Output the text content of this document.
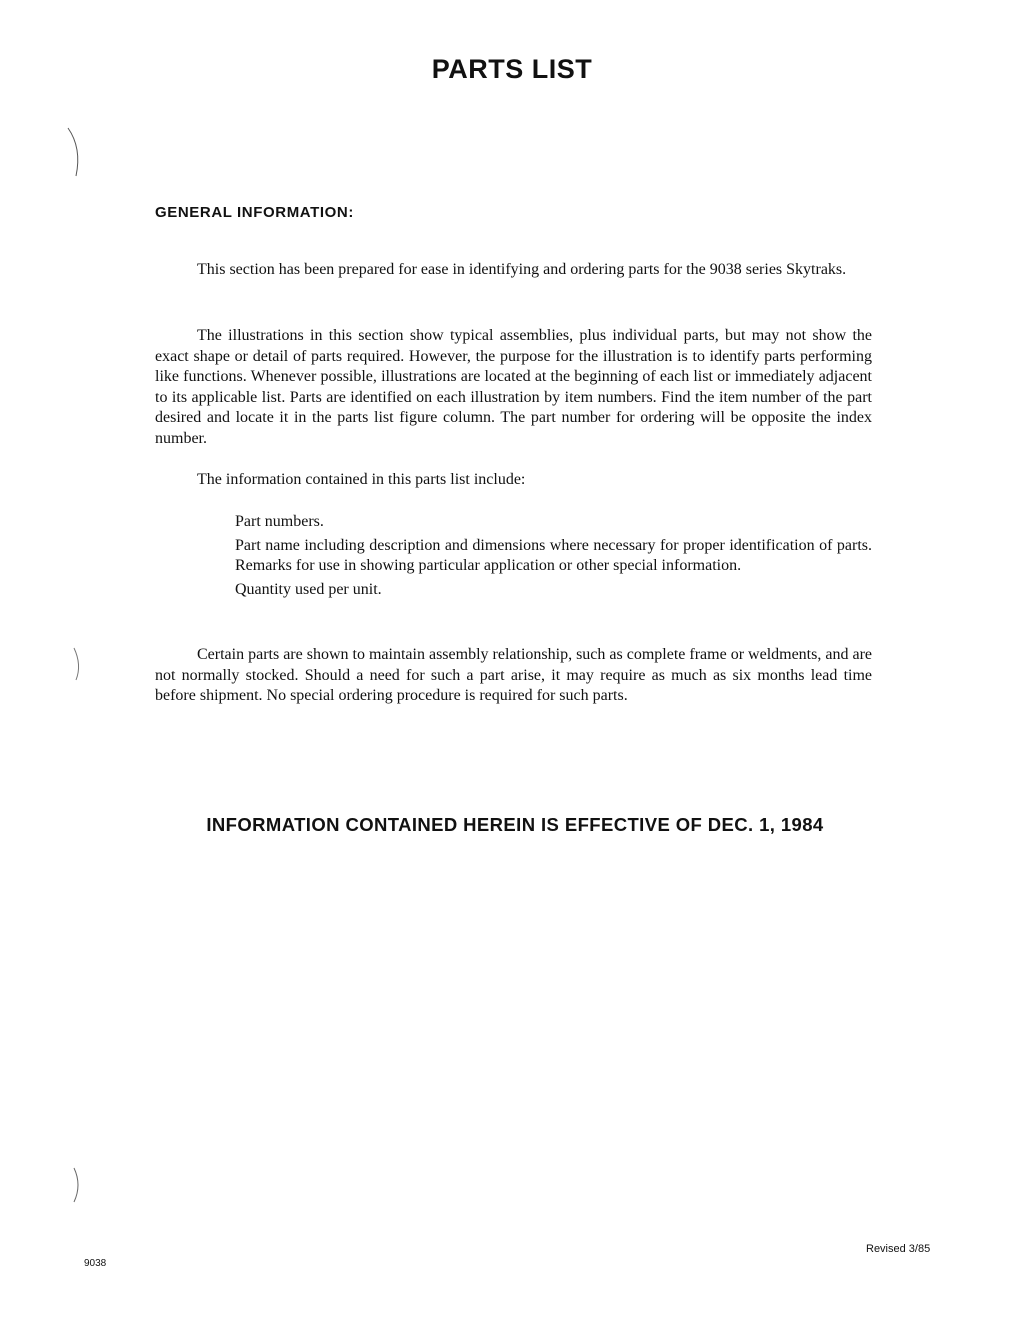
PARTS LIST
GENERAL INFORMATION:

This section has been prepared for ease in identifying and ordering parts for the 9038 series Skytraks.

The illustrations in this section show typical assemblies, plus individual parts, but may not show the exact shape or detail of parts required. However, the purpose for the illustration is to identify parts performing like functions. Whenever possible, illustrations are located at the beginning of each list or immediately adjacent to its applicable list. Parts are identified on each illustration by item numbers. Find the item number of the part desired and locate it in the parts list figure column. The part number for ordering will be opposite the index number.

The information contained in this parts list include:

Part numbers.
Part name including description and dimensions where necessary for proper identification of parts. Remarks for use in showing particular application or other special information.
Quantity used per unit.

Certain parts are shown to maintain assembly relationship, such as complete frame or weldments, and are not normally stocked. Should a need for such a part arise, it may require as much as six months lead time before shipment. No special ordering procedure is required for such parts.

INFORMATION CONTAINED HEREIN IS EFFECTIVE OF DEC. 1, 1984
9038
Revised 3/85
